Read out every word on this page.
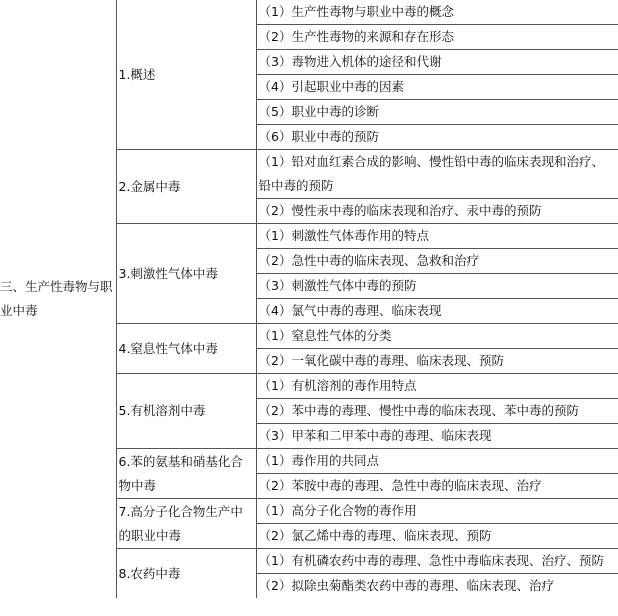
三、生产性毒物与职业中毒	1.概述	（1）生产性毒物与职业中毒的概念
		（2）生产性毒物的来源和存在形态
		（3）毒物进入机体的途径和代谢
		（4）引起职业中毒的因素
		（5）职业中毒的诊断
		（6）职业中毒的预防
	2.金属中毒	（1）铅对血红素合成的影响、慢性铅中毒的临床表现和治疗、铅中毒的预防
		（2）慢性汞中毒的临床表现和治疗、汞中毒的预防
	3.刺激性气体中毒	（1）刺激性气体毒作用的特点
		（2）急性中毒的临床表现、急救和治疗
		（3）刺激性气体中毒的预防
		（4）氯气中毒的毒理、临床表现
	4.窒息性气体中毒	（1）窒息性气体的分类
		（2）一氧化碳中毒的毒理、临床表现、预防
	5.有机溶剂中毒	（1）有机溶剂的毒作用特点
		（2）苯中毒的毒理、慢性中毒的临床表现、苯中毒的预防
		（3）甲苯和二甲苯中毒的毒理、临床表现
	6.苯的氨基和硝基化合物中毒	（1）毒作用的共同点
		（2）苯胺中毒的毒理、急性中毒的临床表现、治疗
	7.高分子化合物生产中的职业中毒	（1）高分子化合物的毒作用
		（2）氯乙烯中毒的毒理、临床表现、预防
	8.农药中毒	（1）有机磷农药中毒的毒理、急性中毒临床表现、治疗、预防
		（2）拟除虫菊酯类农药中毒的毒理、临床表现、治疗
